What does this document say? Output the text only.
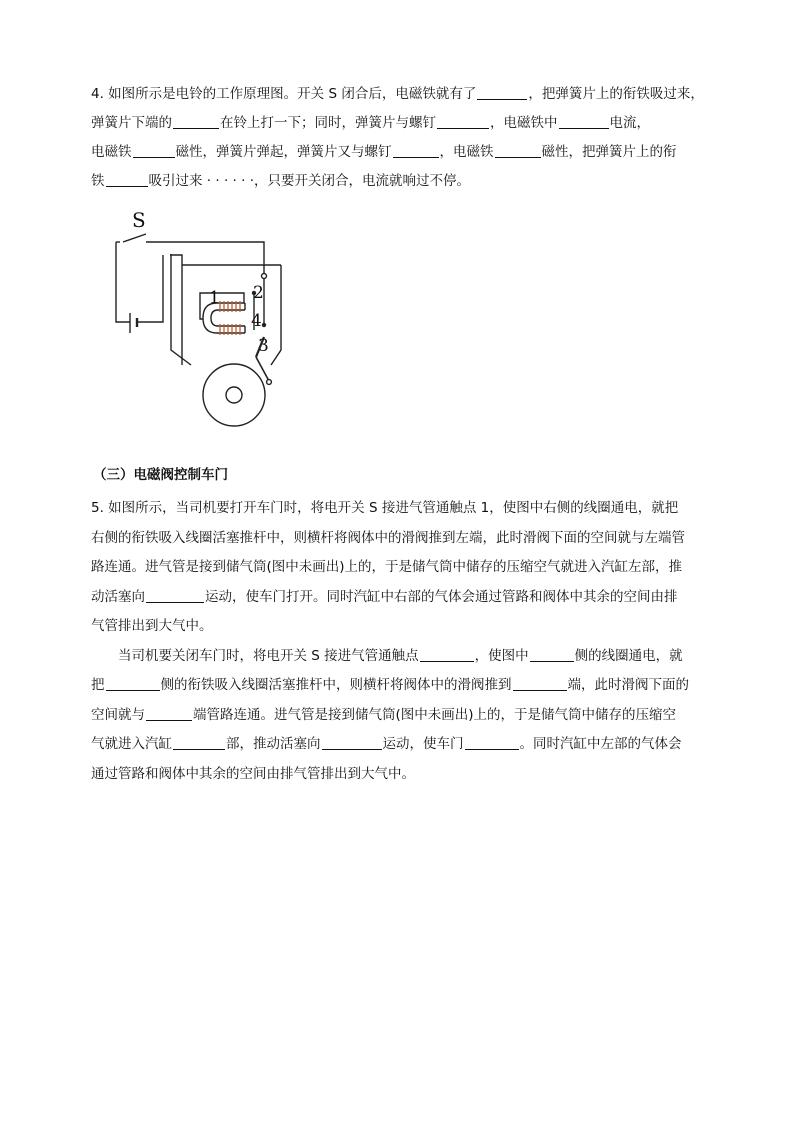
4. 如图所示是电铃的工作原理图。开关 S 闭合后，电磁铁就有了	，把弹簧片上的衔铁吸过来，

弹簧片下端的	在铃上打一下；同时，弹簧片与螺钉	，电磁铁中	电流，

电磁铁	磁性，弹簧片弹起，弹簧片又与螺钉	，电磁铁	磁性，把弹簧片上的衔

铁	吸引过来 · · · · · ·，只要开关闭合，电流就响过不停。

S
1 2
4
3
（三）电磁阀控制车门

5. 如图所示，当司机要打开车门时，将电开关 S 接进气管通触点 1，使图中右侧的线圈通电，就把

右侧的衔铁吸入线圈活塞推杆中，则横杆将阀体中的滑阀推到左端，此时滑阀下面的空间就与左端管

路连通。进气管是接到储气筒(图中未画出)上的，于是储气筒中储存的压缩空气就进入汽缸左部，推

动活塞向	运动，使车门打开。同时汽缸中右部的气体会通过管路和阀体中其余的空间由排

气管排出到大气中。

当司机要关闭车门时，将电开关 S 接进气管通触点	，使图中	侧的线圈通电，就

把	侧的衔铁吸入线圈活塞推杆中，则横杆将阀体中的滑阀推到	端，此时滑阀下面的

空间就与	端管路连通。进气管是接到储气筒(图中未画出)上的，于是储气筒中储存的压缩空

气就进入汽缸	部，推动活塞向	运动，使车门	。同时汽缸中左部的气体会

通过管路和阀体中其余的空间由排气管排出到大气中。
